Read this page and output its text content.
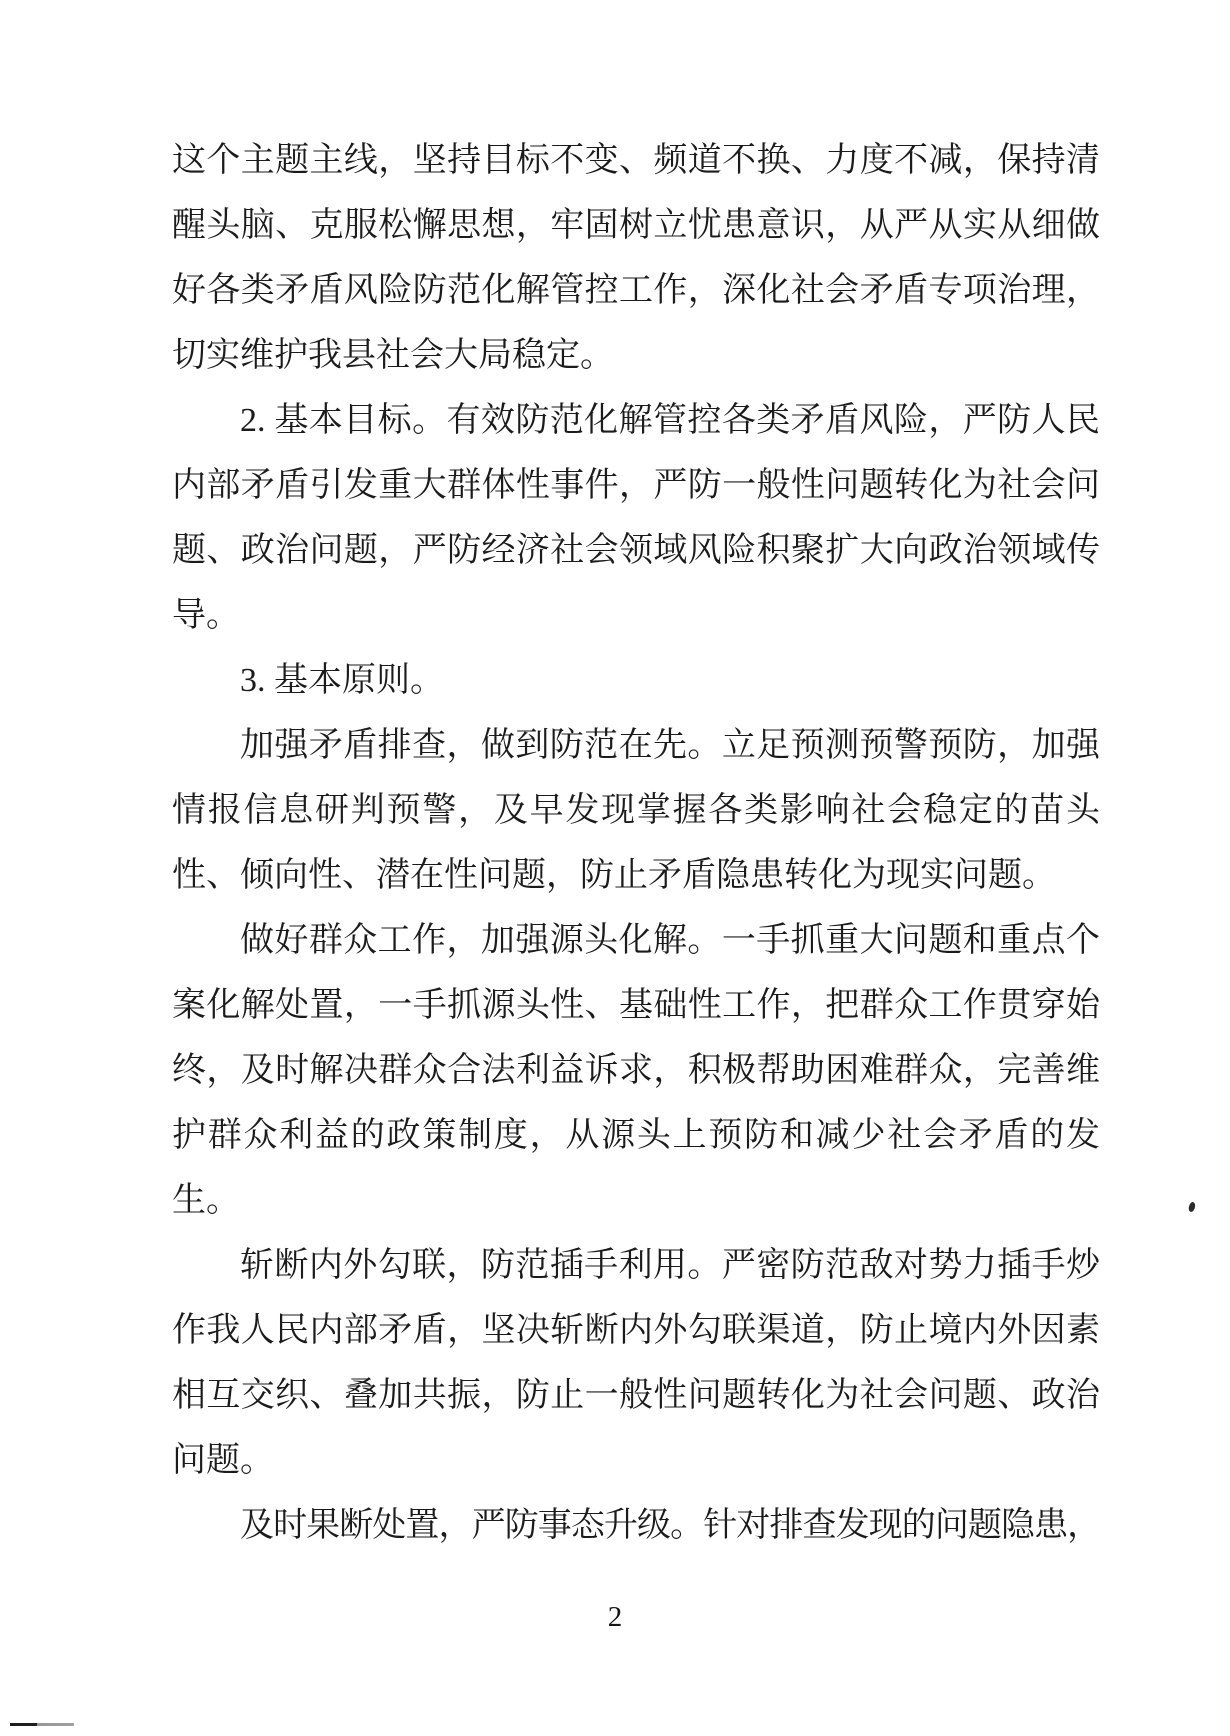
这个主题主线，坚持目标不变、频道不换、力度不减，保持清
醒头脑、克服松懈思想，牢固树立忧患意识，从严从实从细做
好各类矛盾风险防范化解管控工作，深化社会矛盾专项治理，
切实维护我县社会大局稳定。
2. 基本目标。有效防范化解管控各类矛盾风险，严防人民
内部矛盾引发重大群体性事件，严防一般性问题转化为社会问
题、政治问题，严防经济社会领域风险积聚扩大向政治领域传
导。
3. 基本原则。
加强矛盾排查，做到防范在先。立足预测预警预防，加强
情报信息研判预警，及早发现掌握各类影响社会稳定的苗头
性、倾向性、潜在性问题，防止矛盾隐患转化为现实问题。
做好群众工作，加强源头化解。一手抓重大问题和重点个
案化解处置，一手抓源头性、基础性工作，把群众工作贯穿始
终，及时解决群众合法利益诉求，积极帮助困难群众，完善维
护群众利益的政策制度，从源头上预防和减少社会矛盾的发
生。
斩断内外勾联，防范插手利用。严密防范敌对势力插手炒
作我人民内部矛盾，坚决斩断内外勾联渠道，防止境内外因素
相互交织、叠加共振，防止一般性问题转化为社会问题、政治
问题。
及时果断处置，严防事态升级。针对排查发现的问题隐患，
2
